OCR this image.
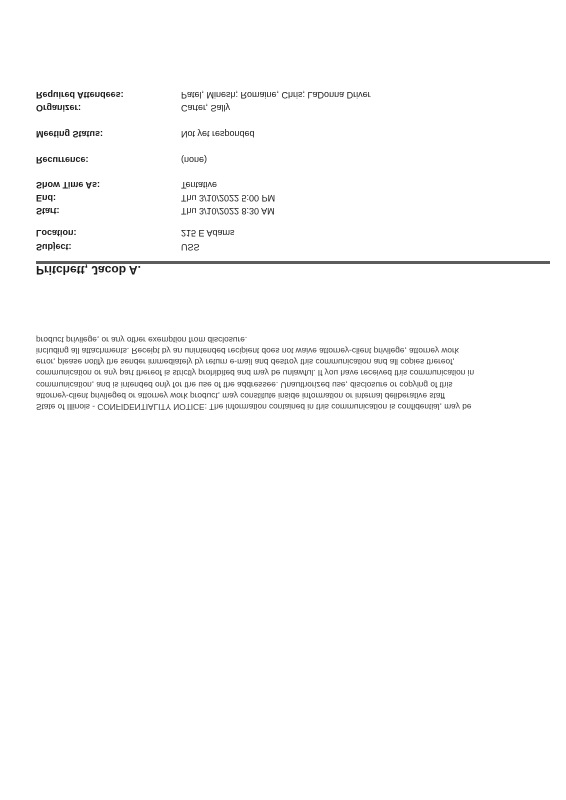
Subject:	USS
Location:	215 E Adams
Start:	Thu 3/10/2022 8:30 AM
End:	Thu 3/10/2022 5:00 PM
Show Time As:	Tentative
Recurrence:	(none)
Meeting Status:	Not yet responded
Organizer:	Carter, Sally
Required Attendees:	Patel, Minesh; Romaine, Chris; LaDonna Driver
Pritchett, Jacob A.
State of Illinois - CONFIDENTIALITY NOTICE: The information contained in this communication is confidential, may be
attorney-client privileged or attorney work product, may constitute inside information or internal deliberative staff
communication, and is intended only for the use of the addressee. Unauthorized use, disclosure or copying of this
communication or any part thereof is strictly prohibited and may be unlawful. If you have received this communication in
error, please notify the sender immediately by return e-mail and destroy this communication and all copies thereof,
including all attachments. Receipt by an unintended recipient does not waive attorney-client privilege, attorney work
product privilege, or any other exemption from disclosure.
